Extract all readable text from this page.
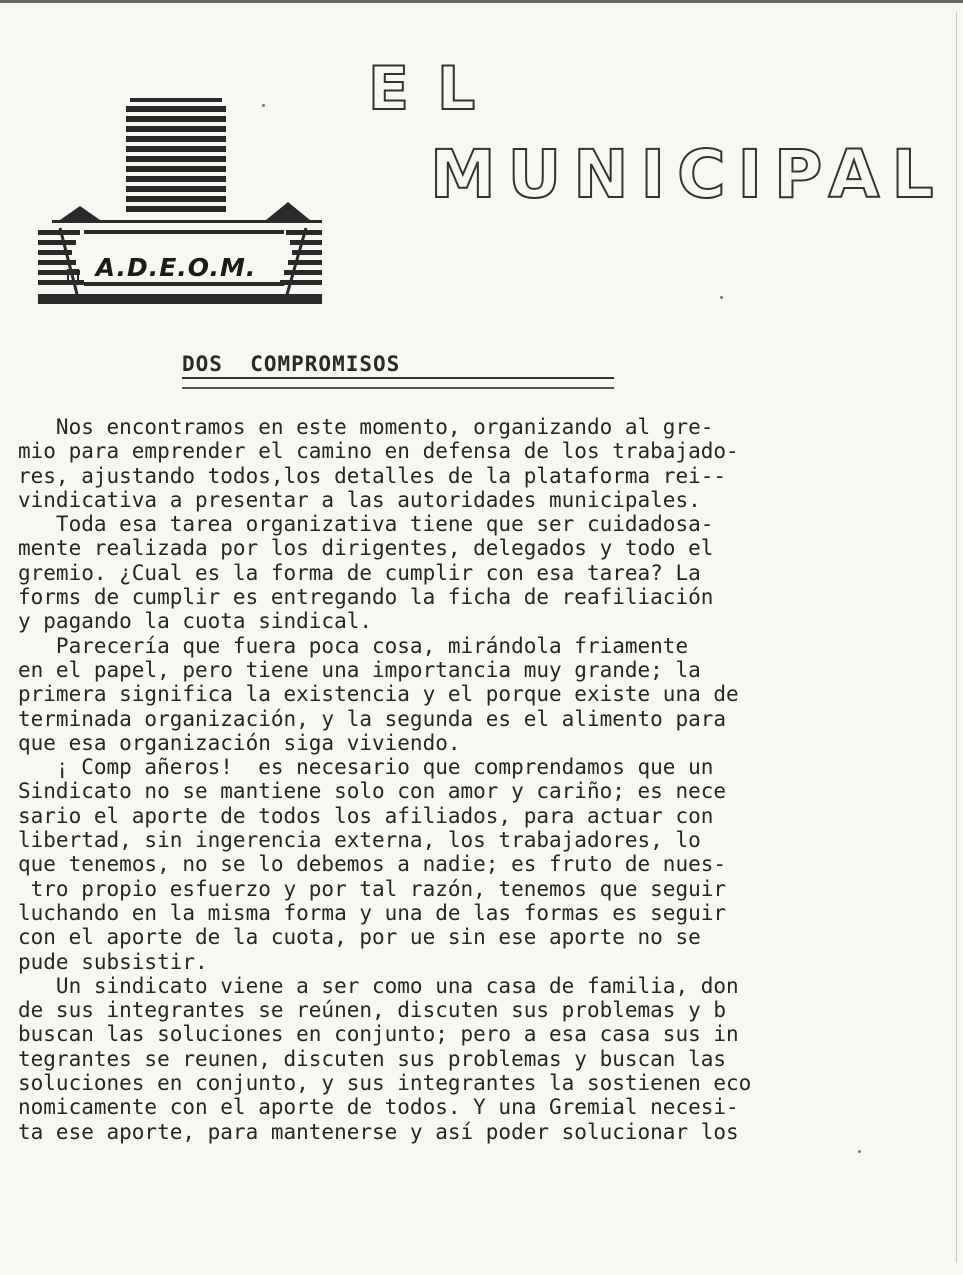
A.D.E.O.M.
EL
MUNICIPAL
DOS  COMPROMISOS
Nos encontramos en este momento, organizando al gre-
mio para emprender el camino en defensa de los trabajado-
res, ajustando todos,los detalles de la plataforma rei--
vindicativa a presentar a las autoridades municipales.
Toda esa tarea organizativa tiene que ser cuidadosa-
mente realizada por los dirigentes, delegados y todo el
gremio. ¿Cual es la forma de cumplir con esa tarea? La
forms de cumplir es entregando la ficha de reafiliación
y pagando la cuota sindical.
Parecería que fuera poca cosa, mirándola friamente
en el papel, pero tiene una importancia muy grande; la
primera significa la existencia y el porque existe una de
terminada organización, y la segunda es el alimento para
que esa organización siga viviendo.
¡ Comp añeros!  es necesario que comprendamos que un
Sindicato no se mantiene solo con amor y cariño; es nece
sario el aporte de todos los afiliados, para actuar con
libertad, sin ingerencia externa, los trabajadores, lo
que tenemos, no se lo debemos a nadie; es fruto de nues-
tro propio esfuerzo y por tal razón, tenemos que seguir
luchando en la misma forma y una de las formas es seguir
con el aporte de la cuota, por ue sin ese aporte no se
pude subsistir.
Un sindicato viene a ser como una casa de familia, don
de sus integrantes se reúnen, discuten sus problemas y b
buscan las soluciones en conjunto; pero a esa casa sus in
tegrantes se reunen, discuten sus problemas y buscan las
soluciones en conjunto, y sus integrantes la sostienen eco
nomicamente con el aporte de todos. Y una Gremial necesi-
ta ese aporte, para mantenerse y así poder solucionar los
